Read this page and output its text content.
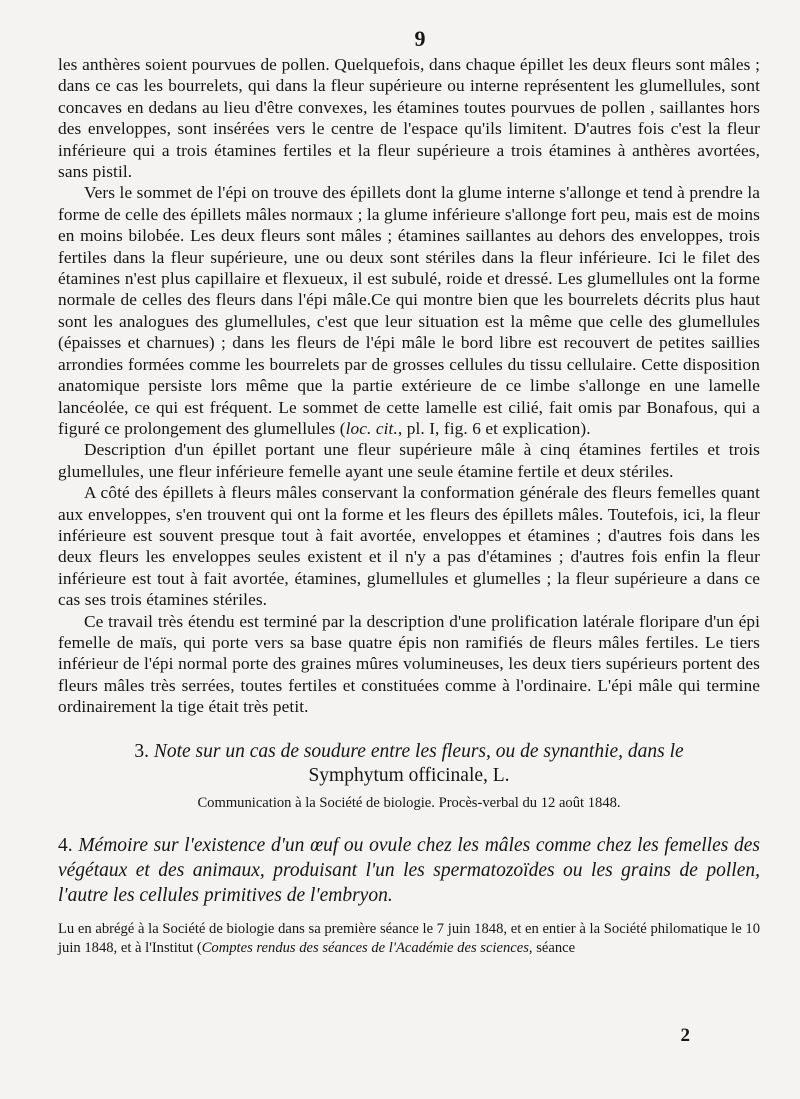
9

les anthères soient pourvues de pollen. Quelquefois, dans chaque épillet les deux fleurs sont mâles ; dans ce cas les bourrelets, qui dans la fleur supérieure ou interne représentent les glumellules, sont concaves en dedans au lieu d'être convexes, les étamines toutes pourvues de pollen , saillantes hors des enveloppes, sont insérées vers le centre de l'espace qu'ils limitent. D'autres fois c'est la fleur inférieure qui a trois étamines fertiles et la fleur supérieure a trois étamines à anthères avortées, sans pistil.

Vers le sommet de l'épi on trouve des épillets dont la glume interne s'allonge et tend à prendre la forme de celle des épillets mâles normaux ; la glume inférieure s'allonge fort peu, mais est de moins en moins bilobée. Les deux fleurs sont mâles ; étamines saillantes au dehors des enveloppes, trois fertiles dans la fleur supérieure, une ou deux sont stériles dans la fleur inférieure. Ici le filet des étamines n'est plus capillaire et flexueux, il est subulé, roide et dressé. Les glumellules ont la forme normale de celles des fleurs dans l'épi mâle.Ce qui montre bien que les bourrelets décrits plus haut sont les analogues des glumellules, c'est que leur situation est la même que celle des glumellules (épaisses et charnues) ; dans les fleurs de l'épi mâle le bord libre est recouvert de petites saillies arrondies formées comme les bourrelets par de grosses cellules du tissu cellulaire. Cette disposition anatomique persiste lors même que la partie extérieure de ce limbe s'allonge en une lamelle lancéolée, ce qui est fréquent. Le sommet de cette lamelle est cilié, fait omis par Bonafous, qui a figuré ce prolongement des glumellules (loc. cit., pl. I, fig. 6 et explication).

Description d'un épillet portant une fleur supérieure mâle à cinq étamines fertiles et trois glumellules, une fleur inférieure femelle ayant une seule étamine fertile et deux stériles.

A côté des épillets à fleurs mâles conservant la conformation générale des fleurs femelles quant aux enveloppes, s'en trouvent qui ont la forme et les fleurs des épillets mâles. Toutefois, ici, la fleur inférieure est souvent presque tout à fait avortée, enveloppes et étamines ; d'autres fois dans les deux fleurs les enveloppes seules existent et il n'y a pas d'étamines ; d'autres fois enfin la fleur inférieure est tout à fait avortée, étamines, glumellules et glumelles ; la fleur supérieure a dans ce cas ses trois étamines stériles.

Ce travail très étendu est terminé par la description d'une prolification latérale floripare d'un épi femelle de maïs, qui porte vers sa base quatre épis non ramifiés de fleurs mâles fertiles. Le tiers inférieur de l'épi normal porte des graines mûres volumineuses, les deux tiers supérieurs portent des fleurs mâles très serrées, toutes fertiles et constituées comme à l'ordinaire. L'épi mâle qui termine ordinairement la tige était très petit.

3. Note sur un cas de soudure entre les fleurs, ou de synanthie, dans le
Symphytum officinale, L.

Communication à la Société de biologie. Procès-verbal du 12 août 1848.

4. Mémoire sur l'existence d'un œuf ou ovule chez les mâles comme chez les femelles des végétaux et des animaux, produisant l'un les spermatozoïdes ou les grains de pollen, l'autre les cellules primitives de l'embryon.

Lu en abrégé à la Société de biologie dans sa première séance le 7 juin 1848, et en entier à la Société philomatique le 10 juin 1848, et à l'Institut (Comptes rendus des séances de l'Académie des sciences, séance

2
